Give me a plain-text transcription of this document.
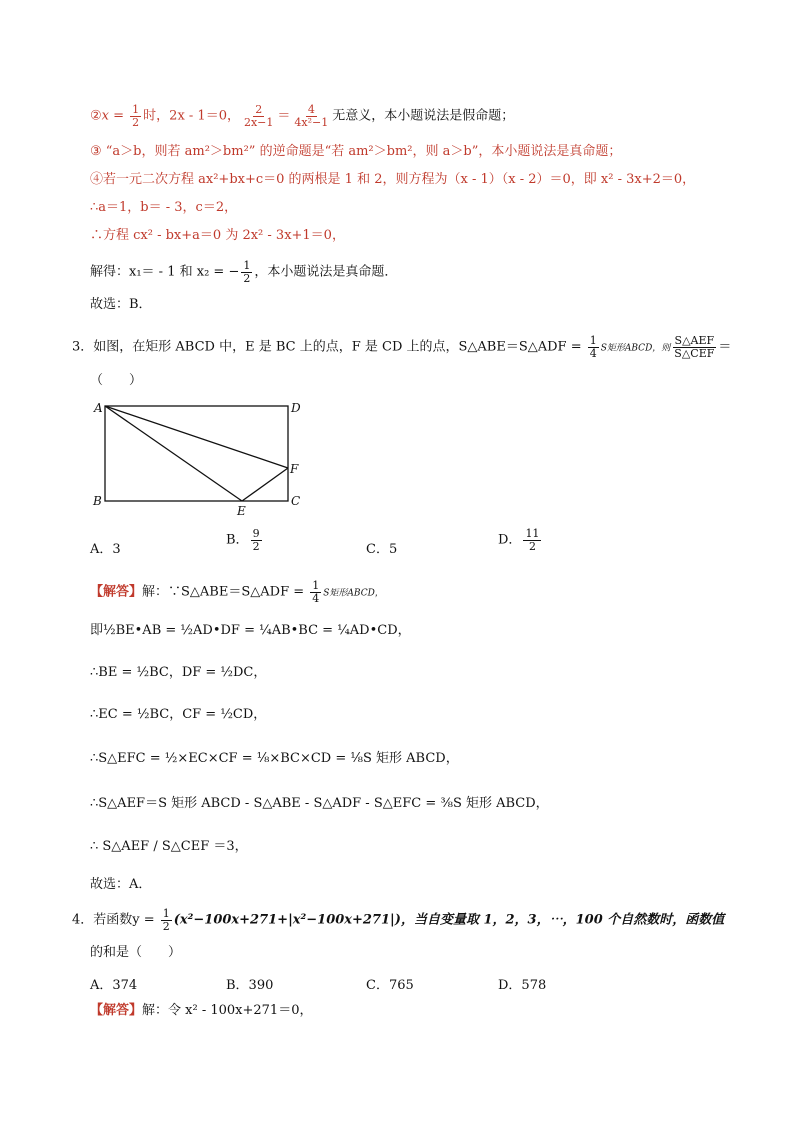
②x = $\frac{1}{2}$ 时，2x - 1＝0， $\frac{2}{2x-1} = \frac{4}{\text{4x²−1}}$ 无意义，本小题说法是假命题；
③ “a＞b，则若 am²＞bm²” 的逆命题是“若 am²＞bm²，则 a＞b”，本小题说法是真命题；
④若一元二次方程 ax²+bx+c＝0 的两根是 1 和 2，则方程为（x - 1）（x - 2）＝0，即 x² - 3x+2＝0，
∴a＝1，b＝ - 3，c＝2，
∴方程 cx² - bx+a＝0 为 2x² - 3x+1＝0，
解得：x₁＝ - 1 和 x₂ = − $\frac{1}{2}$ ，本小题说法是真命题．
故选：B．
3．如图，在矩形 ABCD 中，E 是 BC 上的点，F 是 CD 上的点，S△ABE＝S△ADF = $\frac{1}{4}$ S矩形ABCD，则 $\frac{\text{S△AEF}}{\text{S△CEF}}$ ＝
（　　）
A	D
F
B	C
E
A．3
B． $\frac{9}{2}$	C．5
D． $\frac{11}{2}$
【解答】解：∵S△ABE＝S△ADF = $\frac{1}{4}$ S矩形ABCD，
即½BE•AB = ½AD•DF = ¼AB•BC = ¼AD•CD，
∴BE = ½BC，DF = ½DC，
∴EC = ½BC，CF = ½CD，
∴S△EFC = ½×EC×CF = ⅛×BC×CD = ⅛S 矩形 ABCD，
∴S△AEF＝S 矩形 ABCD - S△ABE - S△ADF - S△EFC = ⅜S 矩形 ABCD，
∴ S△AEF / S△CEF ＝3，
故选：A．
4．若函数$y = \frac{1}{2} (x^2-100x+271+|x^2-100x+271|)$，当自变量取 1，2，3，⋯，100 个自然数时，函数值
的和是（　　）
A．374	B．390	C．765	D．578
【解答】解：令 x² - 100x+271＝0，
